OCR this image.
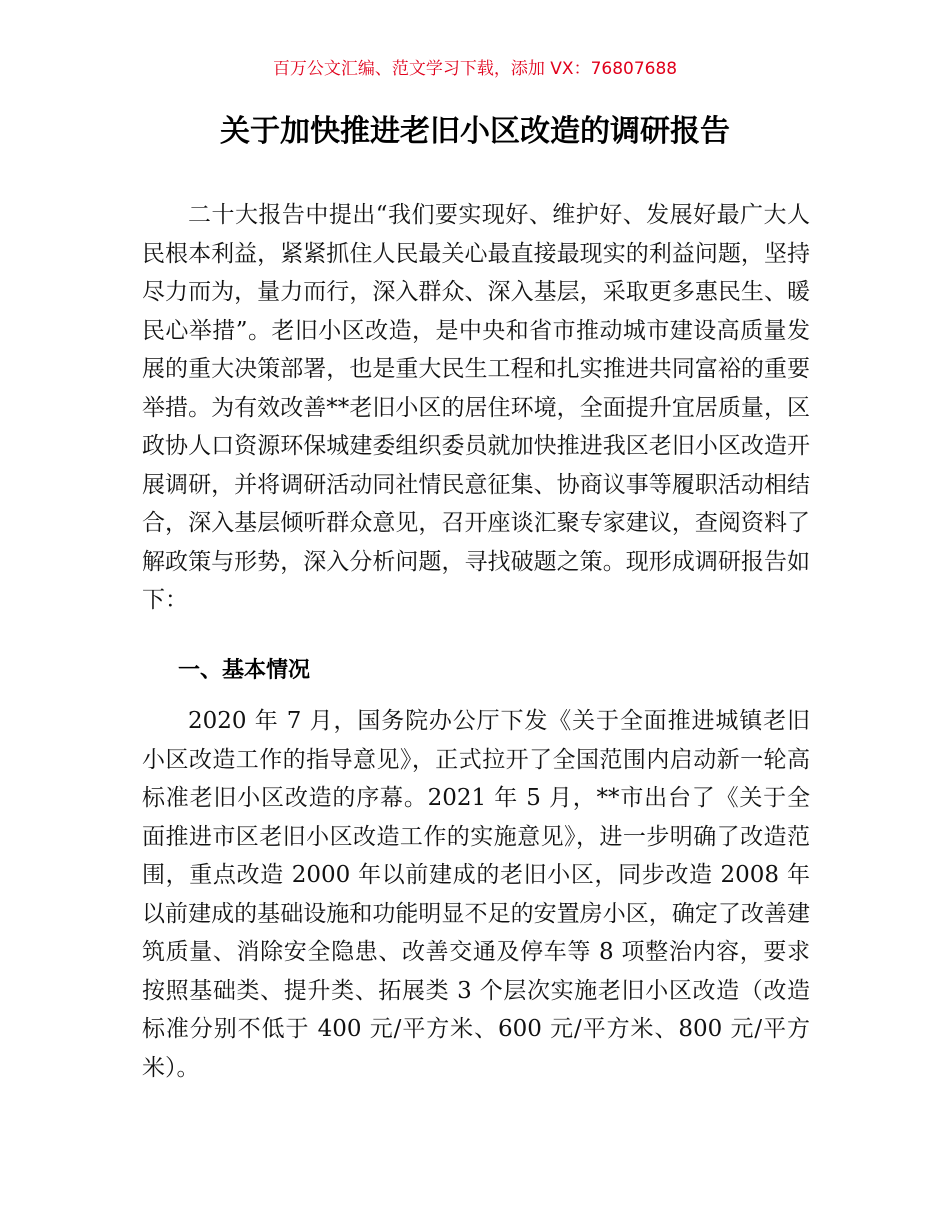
百万公文汇编、范文学习下载，添加 VX：76807688
关于加快推进老旧小区改造的调研报告

二十大报告中提出“我们要实现好、维护好、发展好最广大人民根本利益，紧紧抓住人民最关心最直接最现实的利益问题，坚持尽力而为，量力而行，深入群众、深入基层，采取更多惠民生、暖民心举措”。老旧小区改造，是中央和省市推动城市建设高质量发展的重大决策部署，也是重大民生工程和扎实推进共同富裕的重要举措。为有效改善**老旧小区的居住环境，全面提升宜居质量，区政协人口资源环保城建委组织委员就加快推进我区老旧小区改造开展调研，并将调研活动同社情民意征集、协商议事等履职活动相结合，深入基层倾听群众意见，召开座谈汇聚专家建议，查阅资料了解政策与形势，深入分析问题，寻找破题之策。现形成调研报告如下：

一、基本情况

2020 年 7 月，国务院办公厅下发《关于全面推进城镇老旧小区改造工作的指导意见》，正式拉开了全国范围内启动新一轮高标准老旧小区改造的序幕。2021 年 5 月，**市出台了《关于全面推进市区老旧小区改造工作的实施意见》，进一步明确了改造范围，重点改造 2000 年以前建成的老旧小区，同步改造 2008 年以前建成的基础设施和功能明显不足的安置房小区，确定了改善建筑质量、消除安全隐患、改善交通及停车等 8 项整治内容，要求按照基础类、提升类、拓展类 3 个层次实施老旧小区改造（改造标准分别不低于 400 元/平方米、600 元/平方米、800 元/平方米）。
